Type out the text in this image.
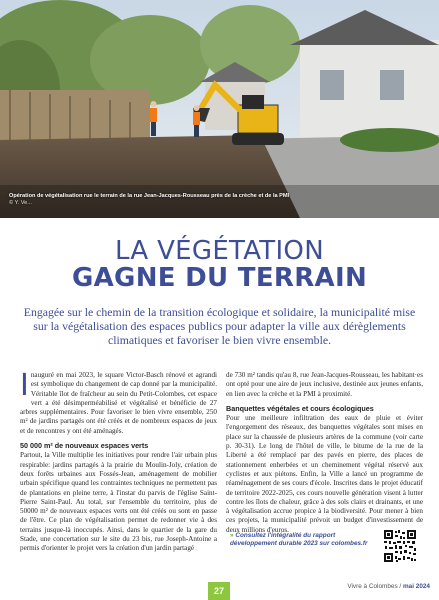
Opération de végétalisation rue le terrain de la rue Jean-Jacques-Rousseau près de la crèche et de la PMI
© Y. Ve...
LA VÉGÉTATION
GAGNE DU TERRAIN
Engagée sur le chemin de la transition écologique et solidaire, la municipalité mise sur la végétalisation des espaces publics pour adapter la ville aux dérèglements climatiques et favoriser le bien vivre ensemble.

Inauguré en mai 2023, le square Victor-Basch rénové et agrandi est symbolique du changement de cap donné par la municipalité. Véritable îlot de fraîcheur au sein du Petit-Colombes, cet espace vert a été désimperméabilisé et végétalisé et bénéficie de 27 arbres supplémentaires. Pour favoriser le bien vivre ensemble, 250 m² de jardins partagés ont été créés et de nombreux espaces de jeux et de rencontres y ont été aménagés.

50 000 m² de nouveaux espaces verts

Partout, la Ville multiplie les initiatives pour rendre l'air urbain plus respirable: jardins partagés à la prairie du Moulin-Joly, création de deux forêts urbaines aux Fossés-Jean, aménagement de mobilier urbain spécifique quand les contraintes techniques ne permettent pas de plantations en pleine terre, à l'instar du parvis de l'église Saint-Pierre Saint-Paul. Au total, sur l'ensemble du territoire, plus de 50000 m² de nouveaux espaces verts ont été créés ou sont en passe de l'être. Ce plan de végétalisation permet de redonner vie à des terrains jusque-là inoccupés. Ainsi, dans le quartier de la gare du Stade, une concertation sur le site du 23 bis, rue Joseph-Antoine a permis d'orienter le projet vers la création d'un jardin partagé

de 730 m² tandis qu'au 8, rue Jean-Jacques-Rousseau, les habitant·es ont opté pour une aire de jeux inclusive, destinée aux jeunes enfants, en lien avec la crèche et la PMI à proximité.

Banquettes végétales et cours écologiques

Pour une meilleure infiltration des eaux de pluie et éviter l'engorgement des réseaux, des banquettes végétales sont mises en place sur la chaussée de plusieurs artères de la commune (voir carte p. 30-31). Le long de l'hôtel de ville, le bitume de la rue de la Liberté a été remplacé par des pavés en pierre, des places de stationnement enherbées et un cheminement végétal réservé aux cyclistes et aux piétons. Enfin, la Ville a lancé un programme de réaménagement de ses cours d'école. Inscrites dans le projet éducatif de territoire 2022-2025, ces cours nouvelle génération visent à lutter contre les îlots de chaleur, grâce à des sols clairs et drainants, et une à végétalisation accrue propice à la biodiversité. Pour mener à bien ces projets, la municipalité prévoit un budget d'investissement de deux millions d'euros.

» Consultez l'intégralité du rapport développement durable 2023 sur colombes.fr
27	Vivre à Colombes / mai 2024
